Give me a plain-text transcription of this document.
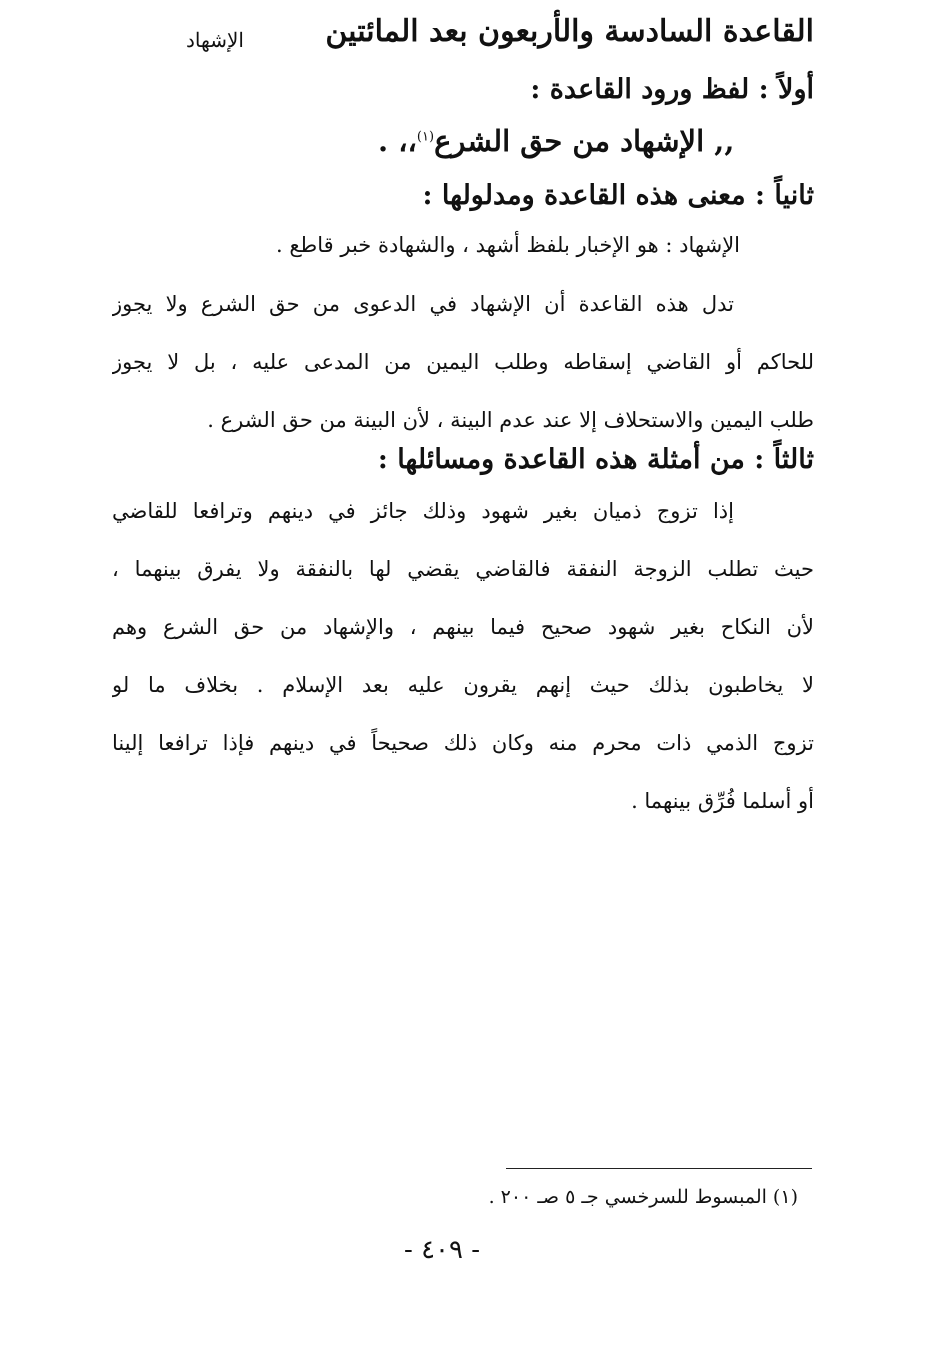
القاعدة السادسة والأربعون بعد المائتين
الإشهاد
أولاً : لفظ ورود القاعدة :
,, الإشهاد من حق الشرع$^{(١)}$،، .
ثانياً : معنى هذه القاعدة ومدلولها :
الإشهاد : هو الإخبار بلفظ أشهد ، والشهادة خبر قاطع .
تدل هذه القاعدة أن الإشهاد في الدعوى من حق الشرع ولا يجوز
للحاكم أو القاضي إسقاطه وطلب اليمين من المدعى عليه ، بل لا يجوز
طلب اليمين والاستحلاف إلا عند عدم البينة ، لأن البينة من حق الشرع .
ثالثاً : من أمثلة هذه القاعدة ومسائلها :
إذا تزوج ذميان بغير شهود وذلك جائز في دينهم وترافعا للقاضي
حيث تطلب الزوجة النفقة فالقاضي يقضي لها بالنفقة ولا يفرق بينهما ،
لأن النكاح بغير شهود صحيح فيما بينهم ، والإشهاد من حق الشرع وهم
لا يخاطبون بذلك حيث إنهم يقرون عليه بعد الإسلام . بخلاف ما لو
تزوج الذمي ذات محرم منه وكان ذلك صحيحاً في دينهم فإذا ترافعا إلينا
أو أسلما فُرِّق بينهما .
(١) المبسوط للسرخسي جـ ٥ صـ ٢٠٠ .
- ٤٠٩ -
